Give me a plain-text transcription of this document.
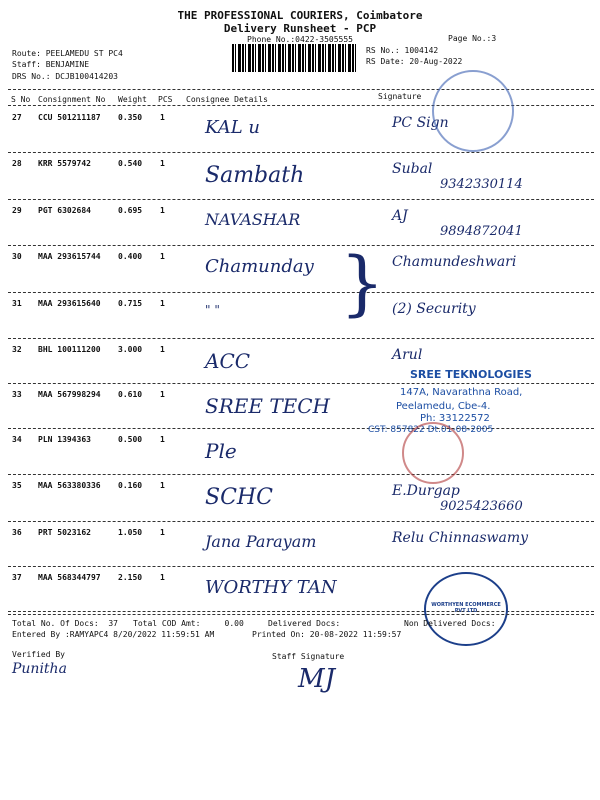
THE PROFESSIONAL COURIERS, Coimbatore
Delivery Runsheet - PCP
Phone No.:0422-3505555	Page No.:3
Route: PEELAMEDU ST PC4
Staff: BENJAMINE
DRS No.: DCJB100414203
RS No.: 1004142
RS Date: 20-Aug-2022
S No Consignment No Weight PCS Consignee Details	Signature
27 CCU 501211187 0.350 1 KAL u	PC Sign
28 KRR 5579742	0.540 1 Sambath	Subal
9342330114
29 PGT 6302684	0.695 1	NAVASHAR	AJ
9894872041
30 MAA 293615744 0.400 1 Chamunday	Chamundeshwari
31 MAA 293615640 0.715 1	" "	(2) Security
32 BHL 100111200 3.000 1 ACC	Arul
33 MAA 567998294 0.610 1 SREE TECH
34 PLN 1394363	0.500 1 Ple
35 MAA 563380336 0.160 1 SCHC	E.Durgap
9025423660
36 PRT 5023162	1.050 1	Jana Parayam	Relu Chinnaswamy
37 MAA 568344797 2.150 1 WORTHY TAN
}
SREE TEKNOLOGIES
147A, Navarathna Road,
Peelamedu, Cbe-4.
Ph: 33122572
CST: 857822 Dt.01-08-2005
WORTHYEN ECOMMERCE PVT LTD
Total No. Of Docs:  37 Total COD Amt:     0.00	Delivered Docs:	Non Delivered Docs:
Entered By :RAMYAPC4 8/20/2022 11:59:51 AM	Printed On: 20-08-2022 11:59:57
Verified By
Punitha
Staff Signature
MJ
